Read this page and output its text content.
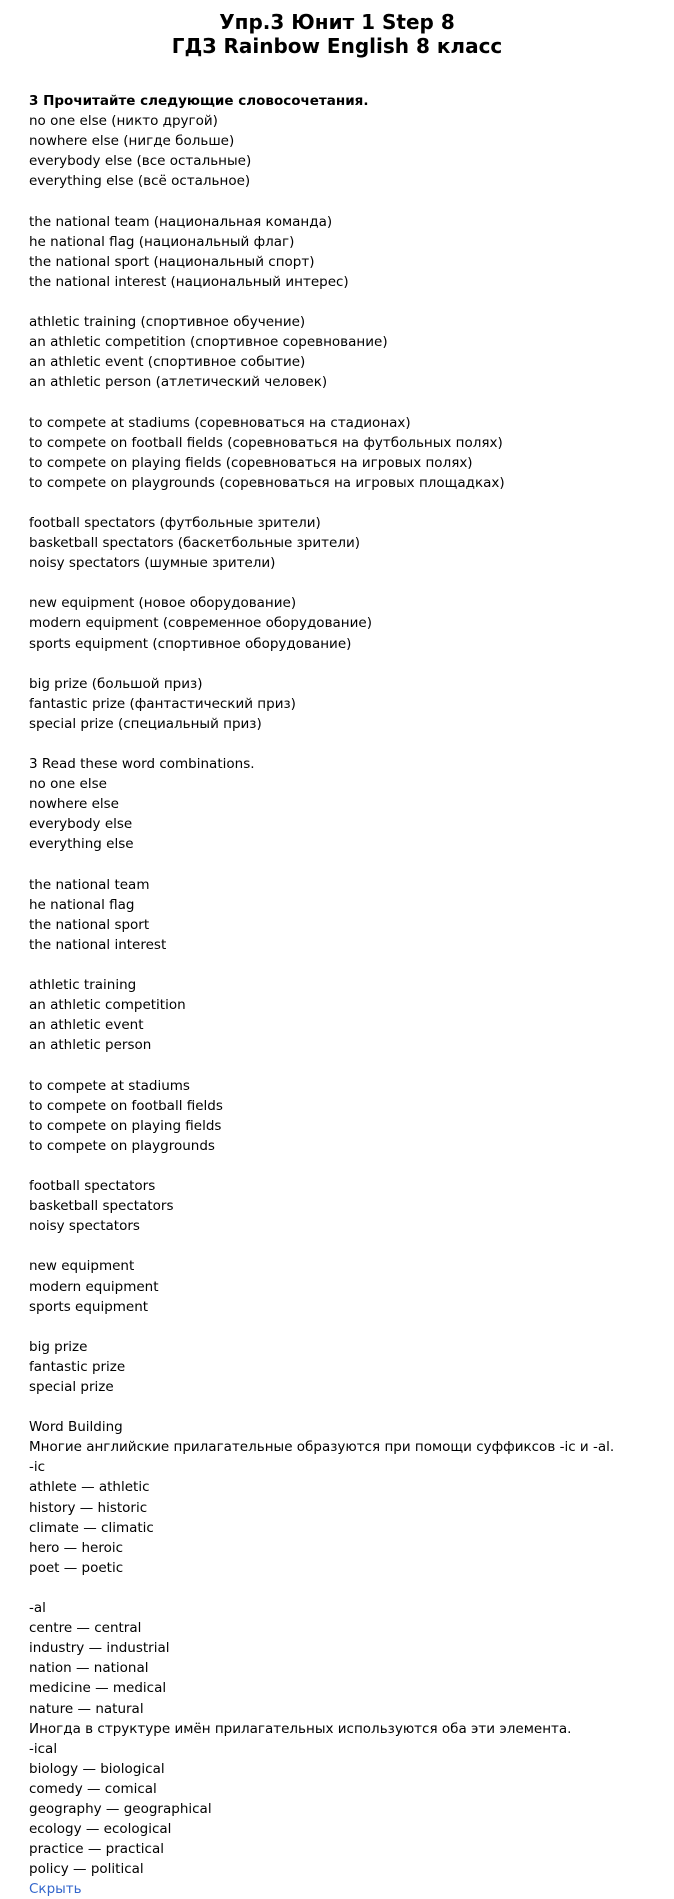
Упр.3 Юнит 1 Step 8
ГДЗ Rainbow English 8 класс
3 Прочитайте следующие словосочетания.
no one else (никто другой)
nowhere else (нигде больше)
everybody else (все остальные)
everything else (всё остальное)
the national team (национальная команда)
he national flag (национальный флаг)
the national sport (национальный спорт)
the national interest (национальный интерес)
athletic training (спортивное обучение)
an athletic competition (спортивное соревнование)
an athletic event (спортивное событие)
an athletic person (атлетический человек)
to compete at stadiums (соревноваться на стадионах)
to compete on football fields (соревноваться на футбольных полях)
to compete on playing fields (соревноваться на игровых полях)
to compete on playgrounds (соревноваться на игровых площадках)
football spectators (футбольные зрители)
basketball spectators (баскетбольные зрители)
noisy spectators (шумные зрители)
new equipment (новое оборудование)
modern equipment (современное оборудование)
sports equipment (спортивное оборудование)
big prize (большой приз)
fantastic prize (фантастический приз)
special prize (специальный приз)
3 Read these word combinations.
no one else
nowhere else
everybody else
everything else
the national team
he national flag
the national sport
the national interest
athletic training
an athletic competition
an athletic event
an athletic person
to compete at stadiums
to compete on football fields
to compete on playing fields
to compete on playgrounds
football spectators
basketball spectators
noisy spectators
new equipment
modern equipment
sports equipment
big prize
fantastic prize
special prize
Word Building
Многие английские прилагательные образуются при помощи суффиксов -ic и -al.
-ic
athlete — athletic
history — historic
climate — climatic
hero — heroic
poet — poetic
-al
centre — central
industry — industrial
nation — national
medicine — medical
nature — natural
Иногда в структуре имён прилагательных используются оба эти элемента.
-ical
biology — biological
comedy — comical
geography — geographical
ecology — ecological
practice — practical
policy — political
Скрыть
